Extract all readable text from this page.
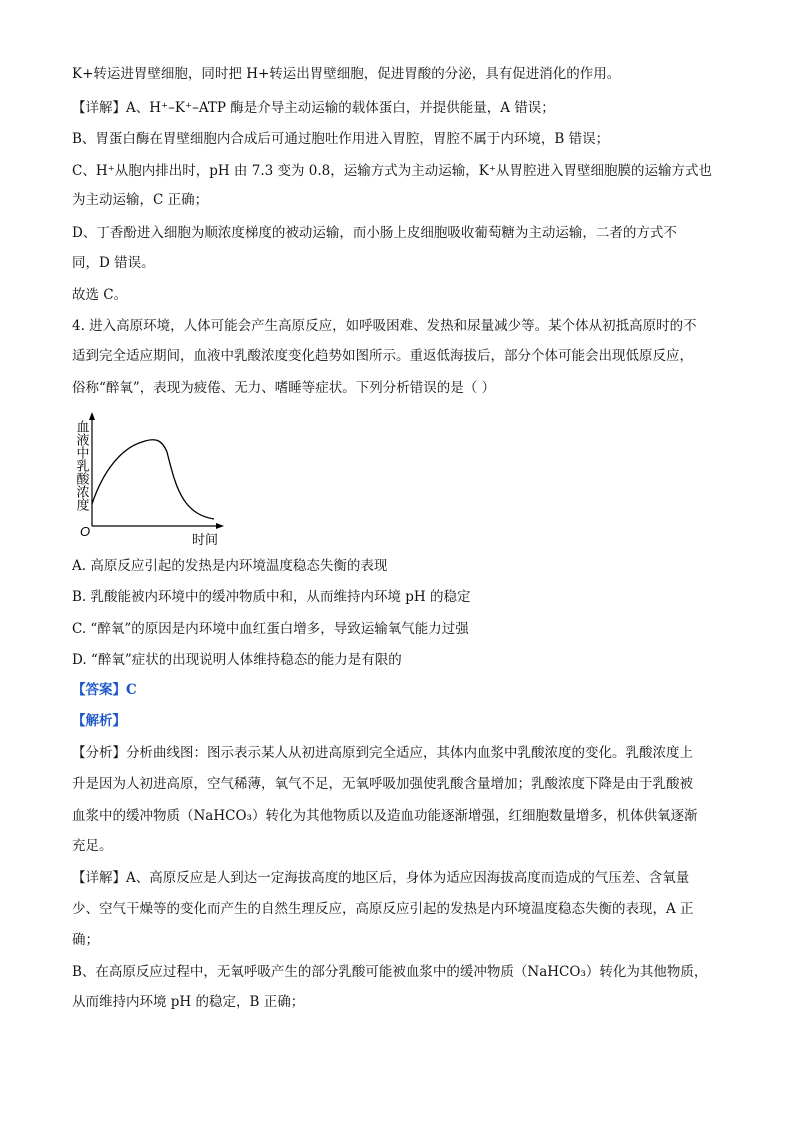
K+转运进胃壁细胞，同时把 H+转运出胃壁细胞，促进胃酸的分泌，具有促进消化的作用。
【详解】A、H⁺–K⁺–ATP 酶是介导主动运输的载体蛋白，并提供能量，A 错误；
B、胃蛋白酶在胃壁细胞内合成后可通过胞吐作用进入胃腔，胃腔不属于内环境，B 错误；
C、H⁺从胞内排出时，pH 由 7.3 变为 0.8，运输方式为主动运输，K⁺从胃腔进入胃壁细胞膜的运输方式也
为主动运输，C 正确；
D、丁香酚进入细胞为顺浓度梯度的被动运输，而小肠上皮细胞吸收葡萄糖为主动运输，二者的方式不
同，D 错误。
故选 C。
4. 进入高原环境，人体可能会产生高原反应，如呼吸困难、发热和尿量减少等。某个体从初抵高原时的不
适到完全适应期间，血液中乳酸浓度变化趋势如图所示。重返低海拔后，部分个体可能会出现低原反应，
俗称“醉氧”，表现为疲倦、无力、嗜睡等症状。下列分析错误的是（ ）
血液中乳酸浓度
O
时间
A. 高原反应引起的发热是内环境温度稳态失衡的表现
B. 乳酸能被内环境中的缓冲物质中和，从而维持内环境 pH 的稳定
C. “醉氧”的原因是内环境中血红蛋白增多，导致运输氧气能力过强
D. “醉氧”症状的出现说明人体维持稳态的能力是有限的
【答案】C
【解析】
【分析】分析曲线图：图示表示某人从初进高原到完全适应，其体内血浆中乳酸浓度的变化。乳酸浓度上
升是因为人初进高原，空气稀薄，氧气不足，无氧呼吸加强使乳酸含量增加；乳酸浓度下降是由于乳酸被
血浆中的缓冲物质（NaHCO₃）转化为其他物质以及造血功能逐渐增强，红细胞数量增多，机体供氧逐渐
充足。
【详解】A、高原反应是人到达一定海拔高度的地区后，身体为适应因海拔高度而造成的气压差、含氧量
少、空气干燥等的变化而产生的自然生理反应，高原反应引起的发热是内环境温度稳态失衡的表现，A 正
确；
B、在高原反应过程中，无氧呼吸产生的部分乳酸可能被血浆中的缓冲物质（NaHCO₃）转化为其他物质，
从而维持内环境 pH 的稳定，B 正确；
